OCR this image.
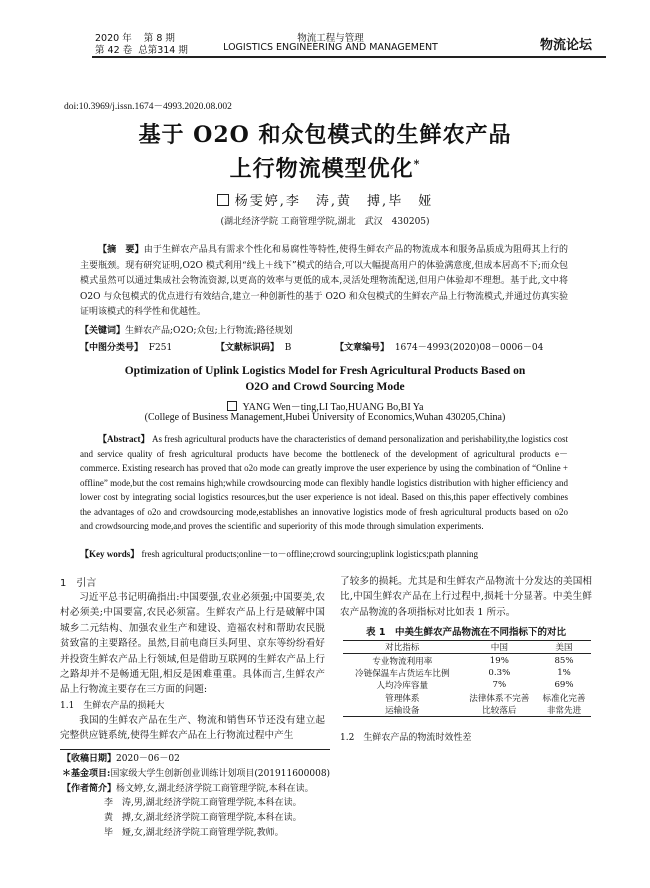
2020 年 第 8 期
第 42 卷 总第314 期
物流工程与管理
LOGISTICS ENGINEERING AND MANAGEMENT	物流论坛
doi:10.3969/j.issn.1674－4993.2020.08.002
基于 O2O 和众包模式的生鲜农产品
上行物流模型优化*
杨雯婷,李　涛,黄　搏,毕　娅
(湖北经济学院 工商管理学院,湖北　武汉　430205)
【摘　要】由于生鲜农产品具有需求个性化和易腐性等特性,使得生鲜农产品的物流成本和服务品质成为阻碍其上行的主要瓶颈。现有研究证明,O2O 模式利用“线上＋线下”模式的结合,可以大幅提高用户的体验满意度,但成本居高不下;而众包模式虽然可以通过集成社会物流资源,以更高的效率与更低的成本,灵活处理物流配送,但用户体验却不理想。基于此,文中将 O2O 与众包模式的优点进行有效结合,建立一种创新性的基于 O2O 和众包模式的生鲜农产品上行物流模式,并通过仿真实验证明该模式的科学性和优越性。
【关键词】生鲜农产品;O2O;众包;上行物流;路径规划
【中图分类号】 F251	【文献标识码】 B	【文章编号】 1674－4993(2020)08－0006－04
Optimization of Uplink Logistics Model for Fresh Agricultural Products Based on
O2O and Crowd Sourcing Mode
YANG Wen－ting,LI Tao,HUANG Bo,BI Ya
(College of Business Management,Hubei University of Economics,Wuhan 430205,China)
【Abstract】 As fresh agricultural products have the characteristics of demand personalization and perishability,the logistics cost and service quality of fresh agricultural products have become the bottleneck of the development of agricultural products e－commerce. Existing research has proved that o2o mode can greatly improve the user experience by using the combination of “Online + offline” mode,but the cost remains high;while crowdsourcing mode can flexibly handle logistics distribution with higher efficiency and lower cost by integrating social logistics resources,but the user experience is not ideal. Based on this,this paper effectively combines the advantages of o2o and crowdsourcing mode,establishes an innovative logistics mode of fresh agricultural products based on o2o and crowdsourcing mode,and proves the scientific and superiority of this mode through simulation experiments.
【Key words】 fresh agricultural products;online－to－offline;crowd sourcing;uplink logistics;path planning
1　引言
习近平总书记明确指出:中国要强,农业必须强;中国要美,农村必须美;中国要富,农民必须富。生鲜农产品上行是破解中国城乡二元结构、加强农业生产和建设、造福农村和帮助农民脱贫致富的主要路径。虽然,目前电商巨头阿里、京东等纷纷看好并投资生鲜农产品上行领域,但是借助互联网的生鲜农产品上行之路却并不是畅通无阻,相反是困难重重。具体而言,生鲜农产品上行物流主要存在三方面的问题:
1.1　生鲜农产品的损耗大
我国的生鲜农产品在生产、物流和销售环节还没有建立起完整供应链系统,使得生鲜农产品在上行物流过程中产生
了较多的损耗。尤其是和生鲜农产品物流十分发达的美国相比,中国生鲜农产品在上行过程中,损耗十分显著。中美生鲜农产品物流的各项指标对比如表 1 所示。
表 1　中美生鲜农产品物流在不同指标下的对比
对比指标	中国	美国
专业物流利用率	19%	85%
冷链保温车占货运车比例	0.3%	1%
人均冷库容量	7%	69%
管理体系	法律体系不完善	标准化完善
运输设备	比较落后	非常先进
1.2　生鲜农产品的物流时效性差
【收稿日期】2020－06－02
＊基金项目:国家级大学生创新创业训练计划项目(201911600008)
【作者简介】杨文婷,女,湖北经济学院工商管理学院,本科在读。
李　涛,男,湖北经济学院工商管理学院,本科在读。
黄　搏,女,湖北经济学院工商管理学院,本科在读。
毕　娅,女,湖北经济学院工商管理学院,教师。
